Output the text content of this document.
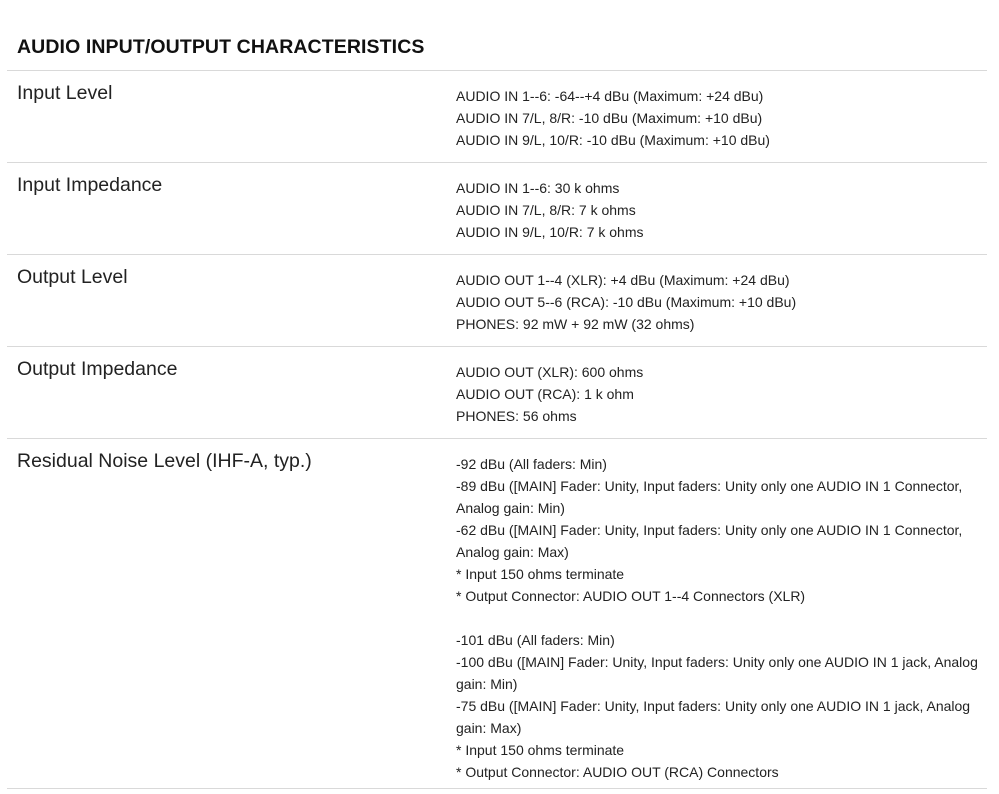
AUDIO INPUT/OUTPUT CHARACTERISTICS
Input Level	AUDIO IN 1--6: -64--+4 dBu (Maximum: +24 dBu)
AUDIO IN 7/L, 8/R: -10 dBu (Maximum: +10 dBu)
AUDIO IN 9/L, 10/R: -10 dBu (Maximum: +10 dBu)
Input Impedance	AUDIO IN 1--6: 30 k ohms
AUDIO IN 7/L, 8/R: 7 k ohms
AUDIO IN 9/L, 10/R: 7 k ohms
Output Level	AUDIO OUT 1--4 (XLR): +4 dBu (Maximum: +24 dBu)
AUDIO OUT 5--6 (RCA): -10 dBu (Maximum: +10 dBu)
PHONES: 92 mW + 92 mW (32 ohms)
Output Impedance	AUDIO OUT (XLR): 600 ohms
AUDIO OUT (RCA): 1 k ohm
PHONES: 56 ohms
Residual Noise Level (IHF-A, typ.)	-92 dBu (All faders: Min)
-89 dBu ([MAIN] Fader: Unity, Input faders: Unity only one AUDIO IN 1 Connector, Analog gain: Min)
-62 dBu ([MAIN] Fader: Unity, Input faders: Unity only one AUDIO IN 1 Connector, Analog gain: Max)
* Input 150 ohms terminate
* Output Connector: AUDIO OUT 1--4 Connectors (XLR)
-101 dBu (All faders: Min)
-100 dBu ([MAIN] Fader: Unity, Input faders: Unity only one AUDIO IN 1 jack, Analog gain: Min)
-75 dBu ([MAIN] Fader: Unity, Input faders: Unity only one AUDIO IN 1 jack, Analog gain: Max)
* Input 150 ohms terminate
* Output Connector: AUDIO OUT (RCA) Connectors
